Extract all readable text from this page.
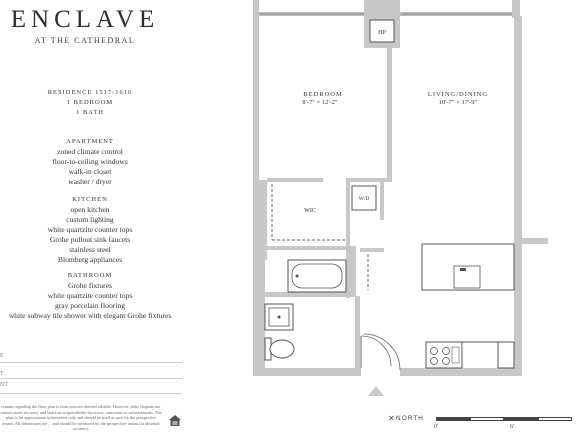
ENCLAVE
AT THE CATHEDRAL
RESIDENCE 1517-1616
1 BEDROOM
1 BATH
APARTMENT
zoned climate control
floor-to-ceiling windows
walk-in closet
washer / dryer
KITCHEN
open kitchen
custom lighting
white quartzite counter tops
Grohe pullout sink faucets
stainless steel
Blomberg appliances
BATHROOM
Grohe fixtures
white quartzite counter tops
gray porcelain flooring
white subway tile shower with elegant Grohe fixtures
E
T
NT
remain regarding the floor plan is from sources deemed reliable. However, abby Organia nor cannot assert accuracy and bears no responsibility for errors, omissions or misstatements. The plan is for approximate information only and should be used as such by the prospective tenant. All dimensions are ... and should be measured by the prospective tenant for absolute accuracy.
HP
W/D
BEDROOM
8'-7" × 12'-2"
LIVING/DINING
10'-7" × 17'-9"
WIC
✕ NORTH
0'	6'
